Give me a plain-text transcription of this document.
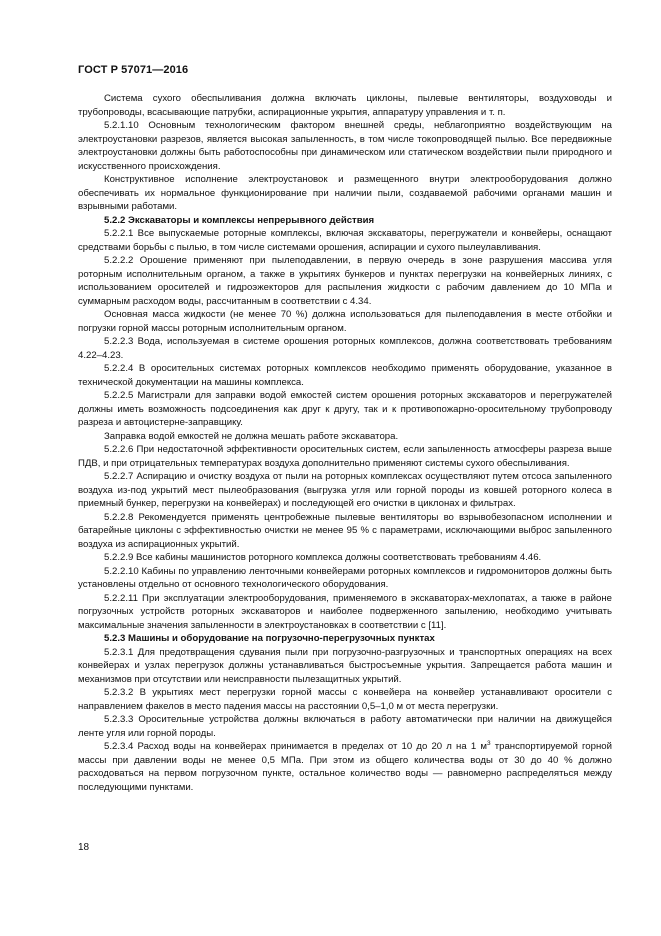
ГОСТ Р 57071—2016

Система сухого обеспыливания должна включать циклоны, пылевые вентиляторы, воздуховоды и трубопроводы, всасывающие патрубки, аспирационные укрытия, аппаратуру управления и т. п.

5.2.1.10 Основным технологическим фактором внешней среды, неблагоприятно воздействующим на электроустановки разрезов, является высокая запыленность, в том числе токопроводящей пылью. Все передвижные электроустановки должны быть работоспособны при динамическом или статическом воздействии пыли природного и искусственного происхождения.

Конструктивное исполнение электроустановок и размещенного внутри электрооборудования должно обеспечивать их нормальное функционирование при наличии пыли, создаваемой рабочими органами машин и взрывными работами.

5.2.2 Экскаваторы и комплексы непрерывного действия

5.2.2.1 Все выпускаемые роторные комплексы, включая экскаваторы, перегружатели и конвейеры, оснащают средствами борьбы с пылью, в том числе системами орошения, аспирации и сухого пылеулавливания.

5.2.2.2 Орошение применяют при пылеподавлении, в первую очередь в зоне разрушения массива угля роторным исполнительным органом, а также в укрытиях бункеров и пунктах перегрузки на конвейерных линиях, с использованием оросителей и гидроэжекторов для распыления жидкости с рабочим давлением до 10 МПа и суммарным расходом воды, рассчитанным в соответствии с 4.34.

Основная масса жидкости (не менее 70 %) должна использоваться для пылеподавления в месте отбойки и погрузки горной массы роторным исполнительным органом.

5.2.2.3 Вода, используемая в системе орошения роторных комплексов, должна соответствовать требованиям 4.22–4.23.

5.2.2.4 В оросительных системах роторных комплексов необходимо применять оборудование, указанное в технической документации на машины комплекса.

5.2.2.5 Магистрали для заправки водой емкостей систем орошения роторных экскаваторов и перегружателей должны иметь возможность подсоединения как друг к другу, так и к противопожарно-оросительному трубопроводу разреза и автоцистерне-заправщику.

Заправка водой емкостей не должна мешать работе экскаватора.

5.2.2.6 При недостаточной эффективности оросительных систем, если запыленность атмосферы разреза выше ПДВ, и при отрицательных температурах воздуха дополнительно применяют системы сухого обеспыливания.

5.2.2.7 Аспирацию и очистку воздуха от пыли на роторных комплексах осуществляют путем отсоса запыленного воздуха из-под укрытий мест пылеобразования (выгрузка угля или горной породы из ковшей роторного колеса в приемный бункер, перегрузки на конвейерах) и последующей его очистки в циклонах и фильтрах.

5.2.2.8 Рекомендуется применять центробежные пылевые вентиляторы во взрывобезопасном исполнении и батарейные циклоны с эффективностью очистки не менее 95 % с параметрами, исключающими выброс запыленного воздуха из аспирационных укрытий.

5.2.2.9 Все кабины машинистов роторного комплекса должны соответствовать требованиям 4.46.

5.2.2.10 Кабины по управлению ленточными конвейерами роторных комплексов и гидромониторов должны быть установлены отдельно от основного технологического оборудования.

5.2.2.11 При эксплуатации электрооборудования, применяемого в экскаваторах-мехлопатах, а также в районе погрузочных устройств роторных экскаваторов и наиболее подверженного запылению, необходимо учитывать максимальные значения запыленности в электроустановках в соответствии с [11].

5.2.3 Машины и оборудование на погрузочно-перегрузочных пунктах

5.2.3.1 Для предотвращения сдувания пыли при погрузочно-разгрузочных и транспортных операциях на всех конвейерах и узлах перегрузок должны устанавливаться быстросъемные укрытия. Запрещается работа машин и механизмов при отсутствии или неисправности пылезащитных укрытий.

5.2.3.2 В укрытиях мест перегрузки горной массы с конвейера на конвейер устанавливают оросители с направлением факелов в место падения массы на расстоянии 0,5–1,0 м от места перегрузки.

5.2.3.3 Оросительные устройства должны включаться в работу автоматически при наличии на движущейся ленте угля или горной породы.

5.2.3.4 Расход воды на конвейерах принимается в пределах от 10 до 20 л на 1 $м^3$ транспортируемой горной массы при давлении воды не менее 0,5 МПа. При этом из общего количества воды от 30 до 40 % должно расходоваться на первом погрузочном пункте, остальное количество воды — равномерно распределяться между последующими пунктами.

18
